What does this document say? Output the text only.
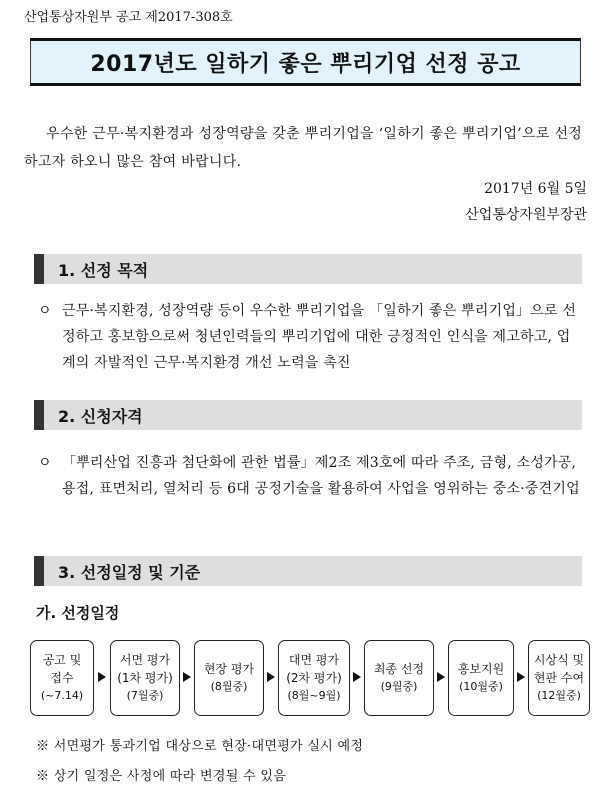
산업통상자원부 공고 제2017-308호
2017년도 일하기 좋은 뿌리기업 선정 공고

우수한 근무·복지환경과 성장역량을 갖춘 뿌리기업을 ‘일하기 좋은 뿌리기업’으로 선정하고자 하오니 많은 참여 바랍니다.

2017년 6월 5일
산업통상자원부장관
1. 선정 목적
ㅇ 근무·복지환경, 성장역량 등이 우수한 뿌리기업을 「일하기 좋은 뿌리기업」으로 선정하고 홍보함으로써 청년인력들의 뿌리기업에 대한 긍정적인 인식을 제고하고, 업계의 자발적인 근무·복지환경 개선 노력을 촉진
2. 신청자격
ㅇ 「뿌리산업 진흥과 첨단화에 관한 법률」제2조 제3호에 따라 주조, 금형, 소성가공, 용접, 표면처리, 열처리 등 6대 공정기술을 활용하여 사업을 영위하는 중소·중견기업
3. 선정일정 및 기준
가. 선정일정
공고 및
접수
(~7.14)
서면 평가
(1차 평가)
(7월중)
현장 평가
(8월중)
대면 평가
(2차 평가)
(8월~9월)
최종 선정
(9월중)
홍보지원
(10월중)
시상식 및
현판 수여
(12월중)
※ 서면평가 통과기업 대상으로 현장·대면평가 실시 예정
※ 상기 일정은 사정에 따라 변경될 수 있음
